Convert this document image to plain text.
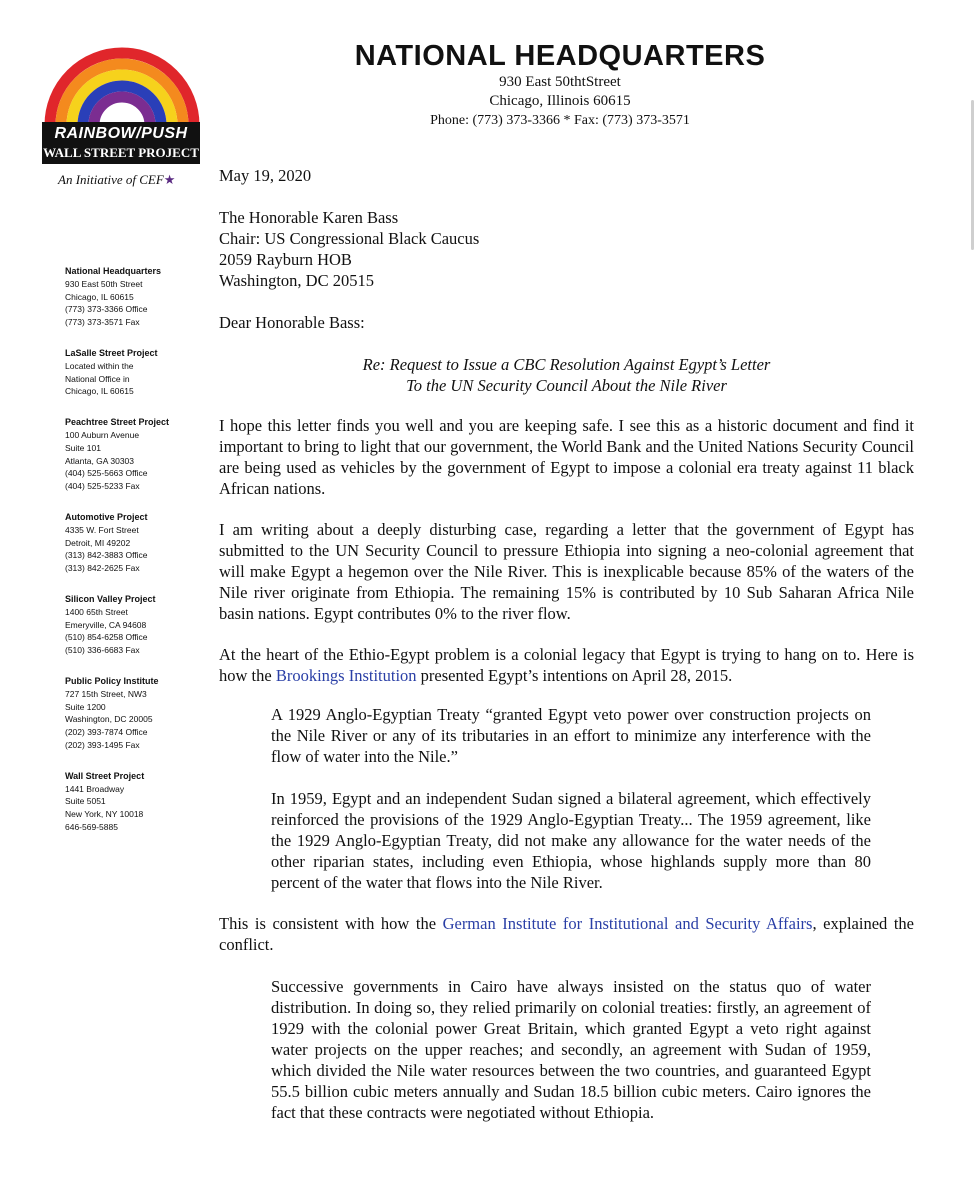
RAINBOW/PUSH
WALL STREET PROJECT
An Initiative of CEF★
National Headquarters
930 East 50th Street
Chicago, IL 60615
(773) 373-3366 Office
(773) 373-3571 Fax
LaSalle Street Project
Located within the
National Office in
Chicago, IL 60615
Peachtree Street Project
100 Auburn Avenue
Suite 101
Atlanta, GA 30303
(404) 525-5663 Office
(404) 525-5233 Fax
Automotive Project
4335 W. Fort Street
Detroit, MI 49202
(313) 842-3883 Office
(313) 842-2625 Fax
Silicon Valley Project
1400 65th Street
Emeryville, CA 94608
(510) 854-6258 Office
(510) 336-6683 Fax
Public Policy Institute
727 15th Street, NW3
Suite 1200
Washington, DC 20005
(202) 393-7874 Office
(202) 393-1495 Fax
Wall Street Project
1441 Broadway
Suite 5051
New York, NY 10018
646-569-5885
NATIONAL HEADQUARTERS
930 East 50thtStreet
Chicago, Illinois 60615
Phone: (773) 373-3366 * Fax: (773) 373-3571

May 19, 2020

The Honorable Karen Bass
Chair: US Congressional Black Caucus
2059 Rayburn HOB
Washington, DC 20515

Dear Honorable Bass:

Re: Request to Issue a CBC Resolution Against Egypt’s Letter
To the UN Security Council About the Nile River

I hope this letter finds you well and you are keeping safe. I see this as a historic document and find it important to bring to light that our government, the World Bank and the United Nations Security Council are being used as vehicles by the government of Egypt to impose a colonial era treaty against 11 black African nations.

I am writing about a deeply disturbing case, regarding a letter that the government of Egypt has submitted to the UN Security Council to pressure Ethiopia into signing a neo-colonial agreement that will make Egypt a hegemon over the Nile River. This is inexplicable because 85% of the waters of the Nile river originate from Ethiopia. The remaining 15% is contributed by 10 Sub Saharan Africa Nile basin nations. Egypt contributes 0% to the river flow.

At the heart of the Ethio-Egypt problem is a colonial legacy that Egypt is trying to hang on to. Here is how the Brookings Institution presented Egypt’s intentions on April 28, 2015.

A 1929 Anglo-Egyptian Treaty “granted Egypt veto power over construction projects on the Nile River or any of its tributaries in an effort to minimize any interference with the flow of water into the Nile.”

In 1959, Egypt and an independent Sudan signed a bilateral agreement, which effectively reinforced the provisions of the 1929 Anglo-Egyptian Treaty... The 1959 agreement, like the 1929 Anglo-Egyptian Treaty, did not make any allowance for the water needs of the other riparian states, including even Ethiopia, whose highlands supply more than 80 percent of the water that flows into the Nile River.

This is consistent with how the German Institute for Institutional and Security Affairs, explained the conflict.

Successive governments in Cairo have always insisted on the status quo of water distribution. In doing so, they relied primarily on colonial treaties: firstly, an agreement of 1929 with the colonial power Great Britain, which granted Egypt a veto right against water projects on the upper reaches; and secondly, an agreement with Sudan of 1959, which divided the Nile water resources between the two countries, and guaranteed Egypt 55.5 billion cubic meters annually and Sudan 18.5 billion cubic meters. Cairo ignores the fact that these contracts were negotiated without Ethiopia.
